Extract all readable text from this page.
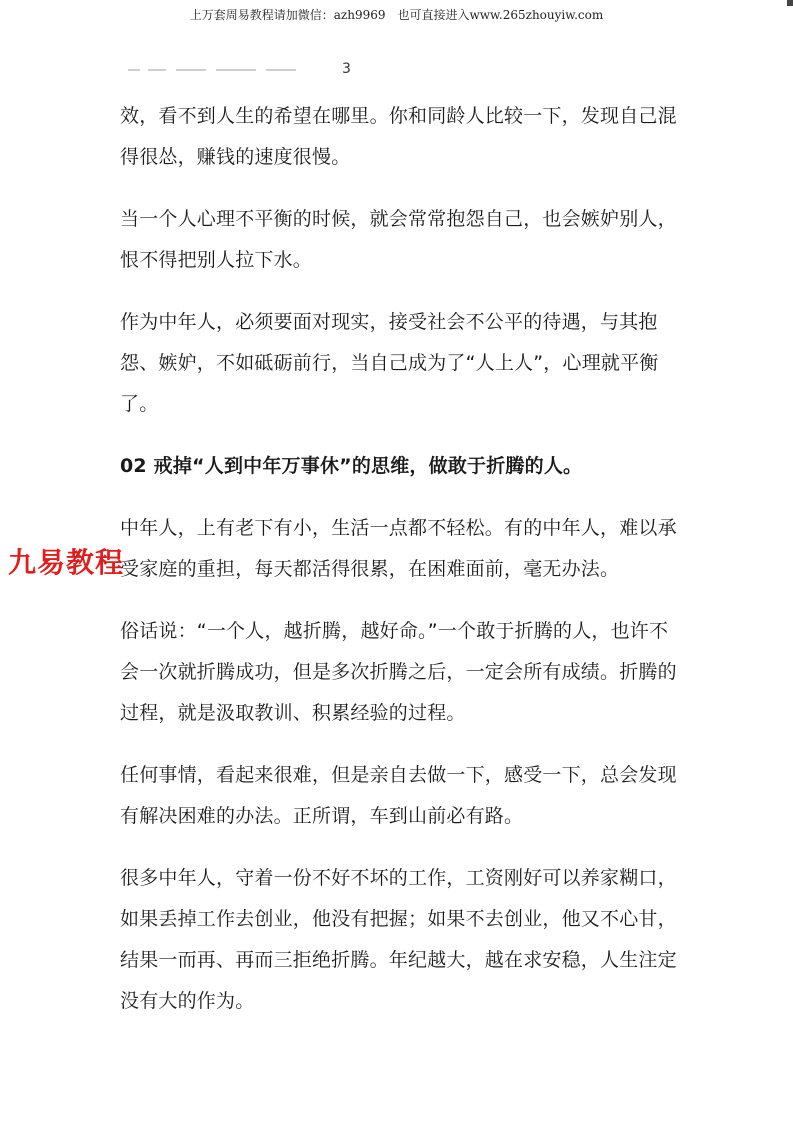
上万套周易教程请加微信：azh9969　也可直接进入www.265zhouyiw.com
3

效，看不到人生的希望在哪里。你和同龄人比较一下，发现自己混得很怂，赚钱的速度很慢。

当一个人心理不平衡的时候，就会常常抱怨自己，也会嫉妒别人，恨不得把别人拉下水。

作为中年人，必须要面对现实，接受社会不公平的待遇，与其抱怨、嫉妒，不如砥砺前行，当自己成为了“人上人”，心理就平衡了。

02 戒掉“人到中年万事休”的思维，做敢于折腾的人。

中年人，上有老下有小，生活一点都不轻松。有的中年人，难以承受家庭的重担，每天都活得很累，在困难面前，毫无办法。

俗话说：“一个人，越折腾，越好命。”一个敢于折腾的人，也许不会一次就折腾成功，但是多次折腾之后，一定会所有成绩。折腾的过程，就是汲取教训、积累经验的过程。

任何事情，看起来很难，但是亲自去做一下，感受一下，总会发现有解决困难的办法。正所谓，车到山前必有路。

很多中年人，守着一份不好不坏的工作，工资刚好可以养家糊口，如果丢掉工作去创业，他没有把握；如果不去创业，他又不心甘，结果一而再、再而三拒绝折腾。年纪越大，越在求安稳，人生注定没有大的作为。

九易教程
